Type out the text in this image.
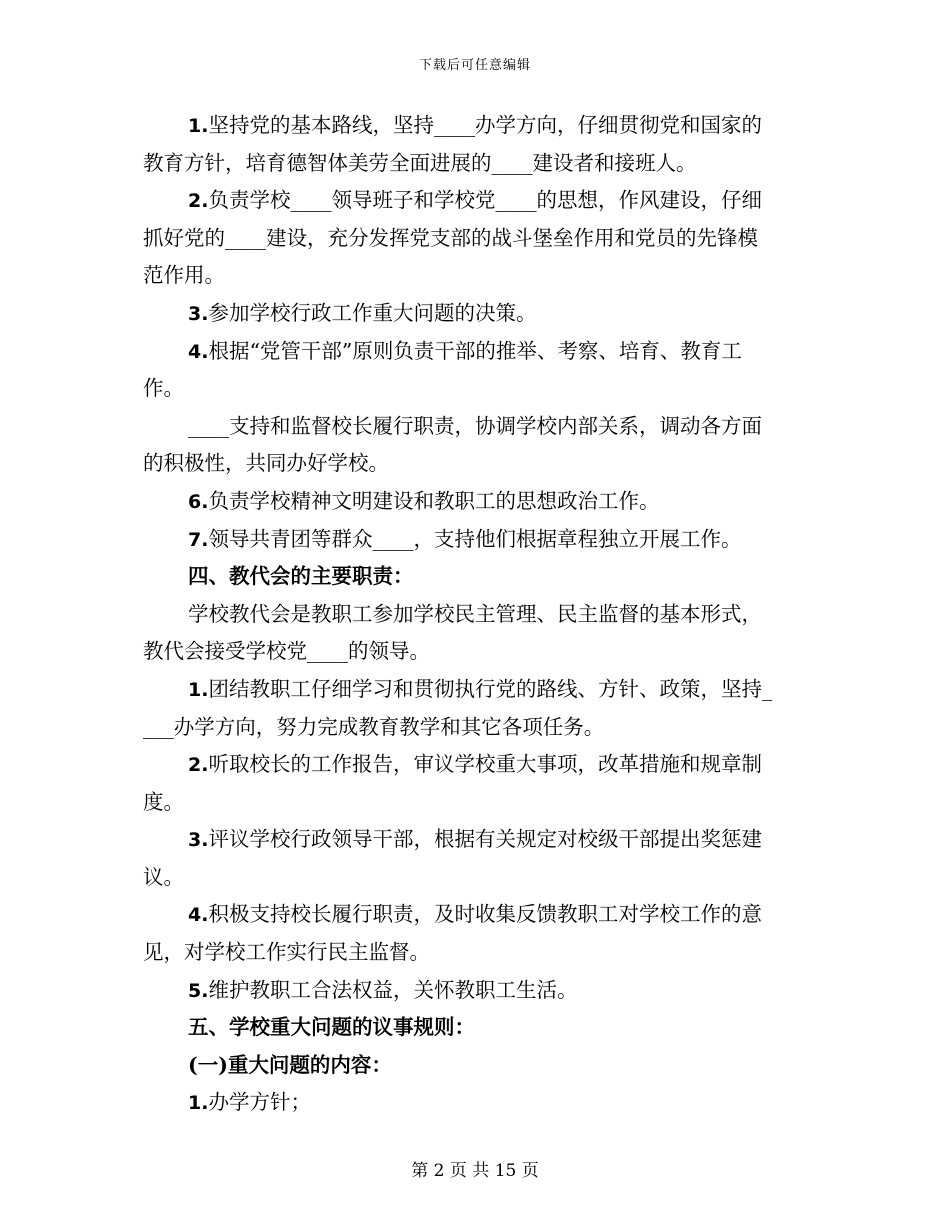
下载后可任意编辑
1.坚持党的基本路线，坚持____办学方向，仔细贯彻党和国家的
教育方针，培育德智体美劳全面进展的____建设者和接班人。
2.负责学校____领导班子和学校党____的思想，作风建设，仔细
抓好党的____建设，充分发挥党支部的战斗堡垒作用和党员的先锋模
范作用。
3.参加学校行政工作重大问题的决策。
4.根据“党管干部”原则负责干部的推举、考察、培育、教育工
作。
____支持和监督校长履行职责，协调学校内部关系，调动各方面
的积极性，共同办好学校。
6.负责学校精神文明建设和教职工的思想政治工作。
7.领导共青团等群众____，支持他们根据章程独立开展工作。
四、教代会的主要职责：
学校教代会是教职工参加学校民主管理、民主监督的基本形式，
教代会接受学校党____的领导。
1.团结教职工仔细学习和贯彻执行党的路线、方针、政策，坚持_
___办学方向，努力完成教育教学和其它各项任务。
2.听取校长的工作报告，审议学校重大事项，改革措施和规章制
度。
3.评议学校行政领导干部，根据有关规定对校级干部提出奖惩建
议。
4.积极支持校长履行职责，及时收集反馈教职工对学校工作的意
见，对学校工作实行民主监督。
5.维护教职工合法权益，关怀教职工生活。
五、学校重大问题的议事规则：
(一)重大问题的内容：
1.办学方针；
第 2 页 共 15 页
